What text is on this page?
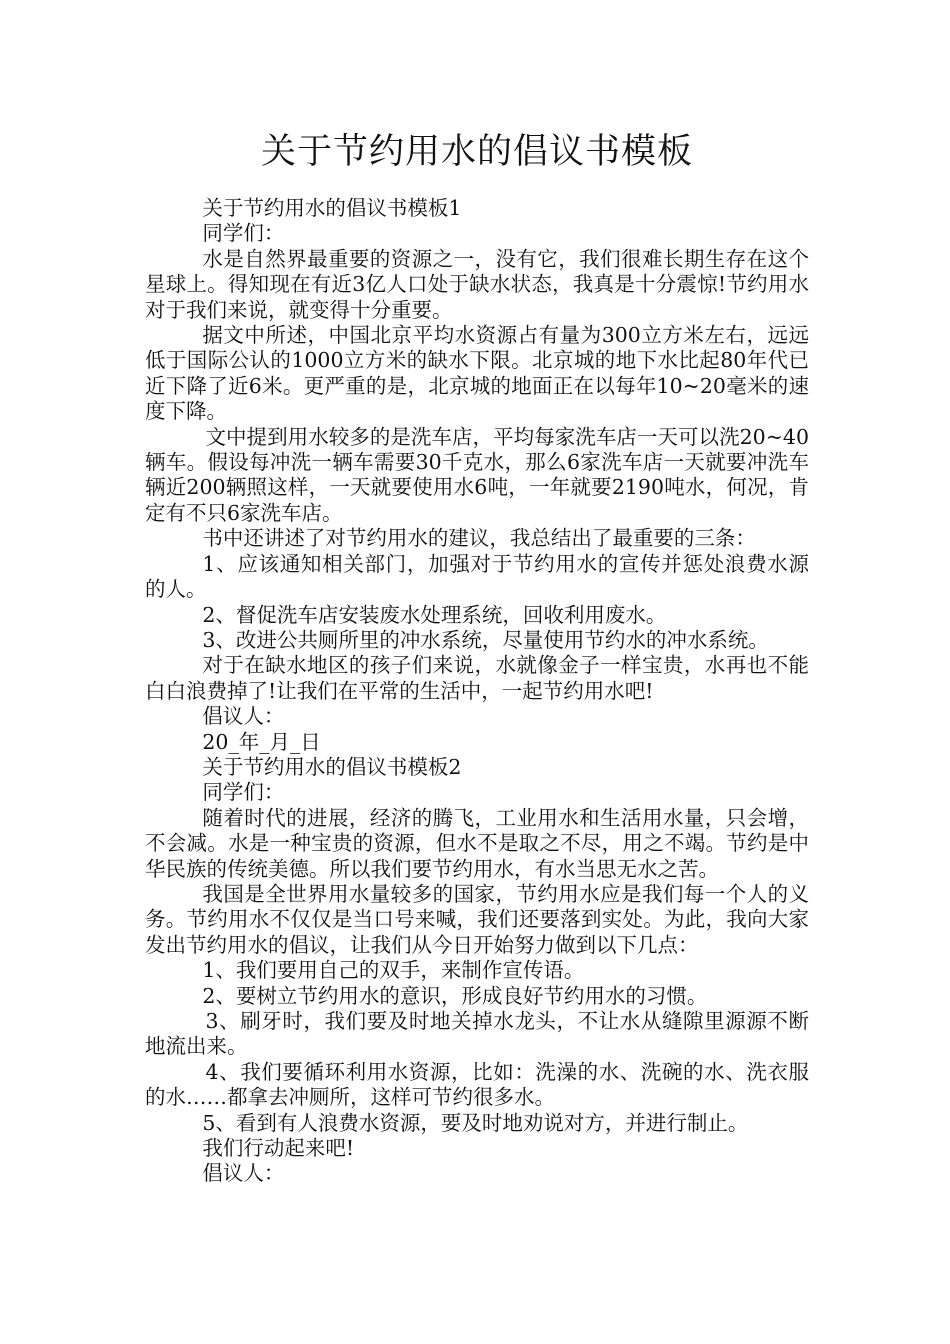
关于节约用水的倡议书模板

关于节约用水的倡议书模板1

同学们：

水是自然界最重要的资源之一，没有它，我们很难长期生存在这个星球上。得知现在有近3亿人口处于缺水状态，我真是十分震惊!节约用水对于我们来说，就变得十分重要。

据文中所述，中国北京平均水资源占有量为300立方米左右，远远低于国际公认的1000立方米的缺水下限。北京城的地下水比起80年代已近下降了近6米。更严重的是，北京城的地面正在以每年10~20毫米的速度下降。

文中提到用水较多的是洗车店，平均每家洗车店一天可以洗20~40辆车。假设每冲洗一辆车需要30千克水，那么6家洗车店一天就要冲洗车辆近200辆照这样，一天就要使用水6吨，一年就要2190吨水，何况，肯定有不只6家洗车店。

书中还讲述了对节约用水的建议，我总结出了最重要的三条：

1、应该通知相关部门，加强对于节约用水的宣传并惩处浪费水源的人。

2、督促洗车店安装废水处理系统，回收利用废水。

3、改进公共厕所里的冲水系统，尽量使用节约水的冲水系统。

对于在缺水地区的孩子们来说，水就像金子一样宝贵，水再也不能白白浪费掉了!让我们在平常的生活中，一起节约用水吧!

倡议人：

20_年_月_日

关于节约用水的倡议书模板2

同学们：

随着时代的进展，经济的腾飞，工业用水和生活用水量，只会增，不会减。水是一种宝贵的资源，但水不是取之不尽，用之不竭。节约是中华民族的传统美德。所以我们要节约用水，有水当思无水之苦。

我国是全世界用水量较多的国家，节约用水应是我们每一个人的义务。节约用水不仅仅是当口号来喊，我们还要落到实处。为此，我向大家发出节约用水的倡议，让我们从今日开始努力做到以下几点：

1、我们要用自己的双手，来制作宣传语。

2、要树立节约用水的意识，形成良好节约用水的习惯。

3、刷牙时，我们要及时地关掉水龙头，不让水从缝隙里源源不断地流出来。

4、我们要循环利用水资源，比如：洗澡的水、洗碗的水、洗衣服的水……都拿去冲厕所，这样可节约很多水。

5、看到有人浪费水资源，要及时地劝说对方，并进行制止。

我们行动起来吧!

倡议人：
